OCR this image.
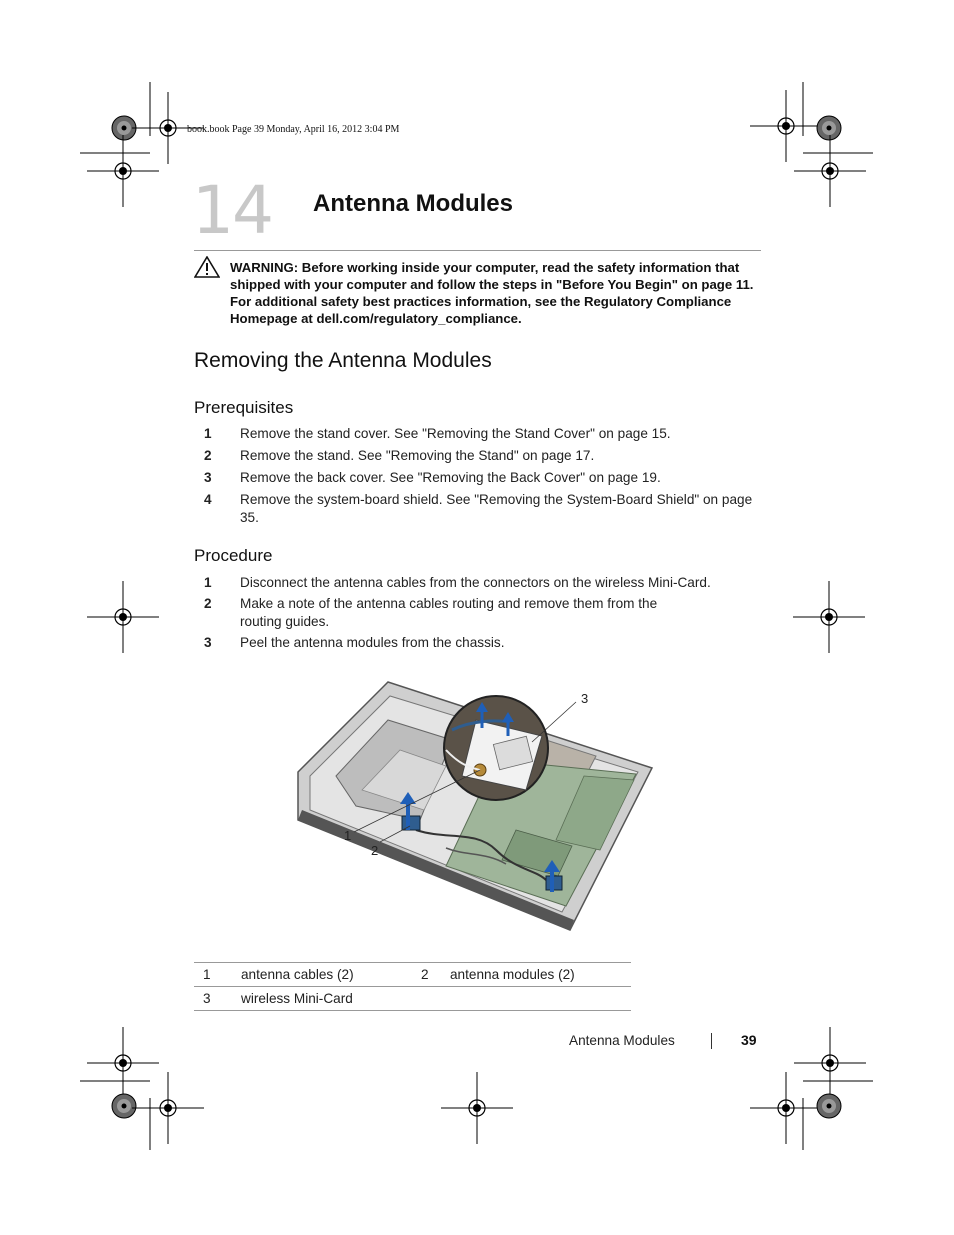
book.book Page 39 Monday, April 16, 2012 3:04 PM
14 Antenna Modules
WARNING: Before working inside your computer, read the safety information that shipped with your computer and follow the steps in "Before You Begin" on page 11. For additional safety best practices information, see the Regulatory Compliance Homepage at dell.com/regulatory_compliance.
Removing the Antenna Modules
Prerequisites
1 Remove the stand cover. See "Removing the Stand Cover" on page 15.
2 Remove the stand. See "Removing the Stand" on page 17.
3 Remove the back cover. See "Removing the Back Cover" on page 19.
4 Remove the system-board shield. See "Removing the System-Board Shield" on page 35.
Procedure
1 Disconnect the antenna cables from the connectors on the wireless Mini-Card.
2 Make a note of the antenna cables routing and remove them from the routing guides.
3 Peel the antenna modules from the chassis.
1
2
3
1	antenna cables (2)	2	antenna modules (2)
3	wireless Mini-Card		
Antenna Modules	39
